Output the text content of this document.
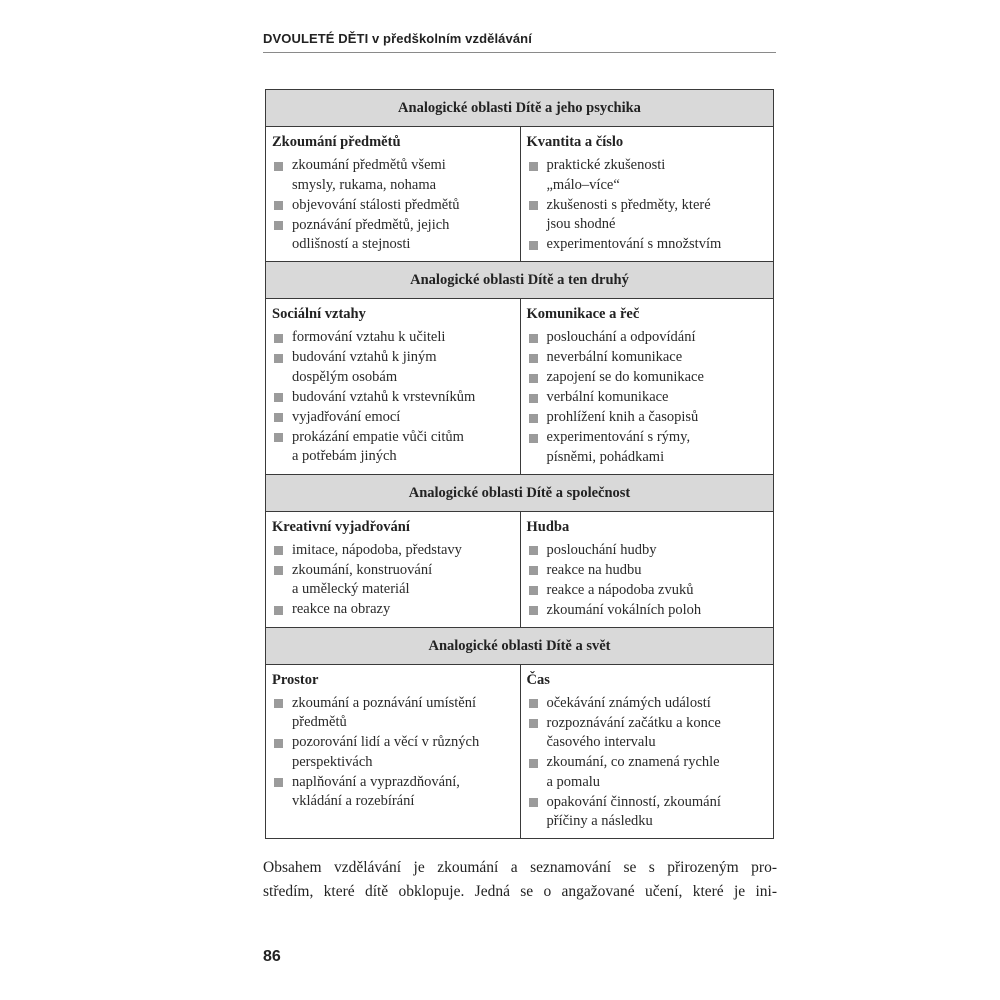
DVOULETÉ DĚTI v předškolním vzdělávání
Analogické oblasti Dítě a jeho psychika
Zkoumání předmětů
zkoumání předmětů všemi
smysly, rukama, nohama
objevování stálosti předmětů
poznávání předmětů, jejich
odlišností a stejnosti
Kvantita a číslo
praktické zkušenosti
„málo–více“
zkušenosti s předměty, které
jsou shodné
experimentování s množstvím
Analogické oblasti Dítě a ten druhý
Sociální vztahy
formování vztahu k učiteli
budování vztahů k jiným
dospělým osobám
budování vztahů k vrstevníkům
vyjadřování emocí
prokázání empatie vůči citům
a potřebám jiných
Komunikace a řeč
poslouchání a odpovídání
neverbální komunikace
zapojení se do komunikace
verbální komunikace
prohlížení knih a časopisů
experimentování s rýmy,
písněmi, pohádkami
Analogické oblasti Dítě a společnost
Kreativní vyjadřování
imitace, nápodoba, představy
zkoumání, konstruování
a umělecký materiál
reakce na obrazy
Hudba
poslouchání hudby
reakce na hudbu
reakce a nápodoba zvuků
zkoumání vokálních poloh
Analogické oblasti Dítě a svět
Prostor
zkoumání a poznávání umístění
předmětů
pozorování lidí a věcí v různých
perspektivách
naplňování a vyprazdňování,
vkládání a rozebírání
Čas
očekávání známých událostí
rozpoznávání začátku a konce
časového intervalu
zkoumání, co znamená rychle
a pomalu
opakování činností, zkoumání
příčiny a následku
Obsahem vzdělávání je zkoumání a seznamování se s přirozeným pro-
středím, které dítě obklopuje. Jedná se o angažované učení, které je ini-
86
